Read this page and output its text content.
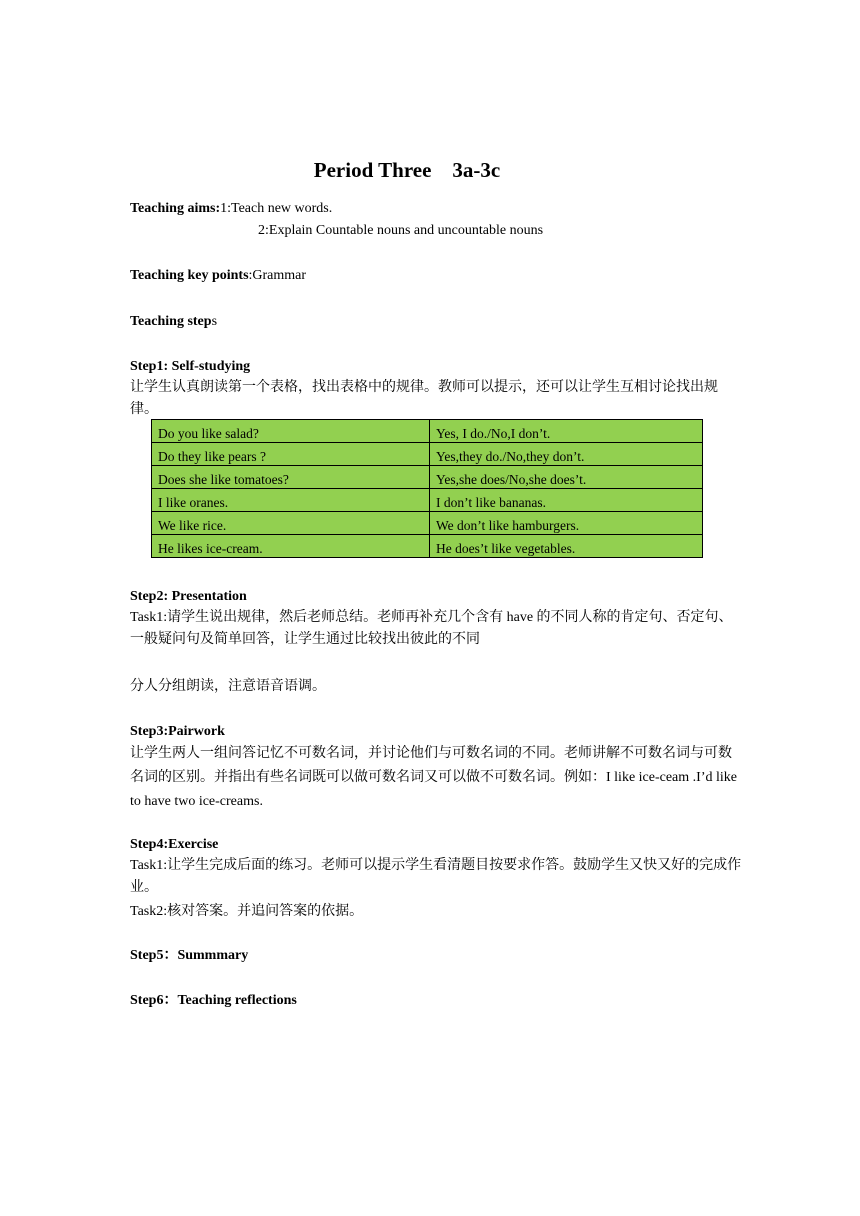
Period Three    3a-3c
Teaching aims:1:Teach new words.
2:Explain Countable nouns and uncountable nouns
Teaching key points:Grammar
Teaching steps
Step1: Self-studying
让学生认真朗读第一个表格，找出表格中的规律。教师可以提示，还可以让学生互相讨论找出规律。
Do you like salad?	Yes, I do./No,I don’t.
Do they like pears ?	Yes,they do./No,they don’t.
Does she like tomatoes?	Yes,she does/No,she does’t.
I like oranes.	I don’t like bananas.
We like rice.	We don’t like hamburgers.
He likes ice-cream.	He does’t like vegetables.
Step2: Presentation
Task1:请学生说出规律，然后老师总结。老师再补充几个含有 have 的不同人称的肯定句、否定句、一般疑问句及简单回答，让学生通过比较找出彼此的不同
分人分组朗读，注意语音语调。
Step3:Pairwork
让学生两人一组问答记忆不可数名词，并讨论他们与可数名词的不同。老师讲解不可数名词与可数名词的区别。并指出有些名词既可以做可数名词又可以做不可数名词。例如：I like ice-ceam .I’d like to have two ice-creams.
Step4:Exercise
Task1:让学生完成后面的练习。老师可以提示学生看清题目按要求作答。鼓励学生又快又好的完成作业。
Task2:核对答案。并追问答案的依据。
Step5：Summmary
Step6：Teaching reflections
